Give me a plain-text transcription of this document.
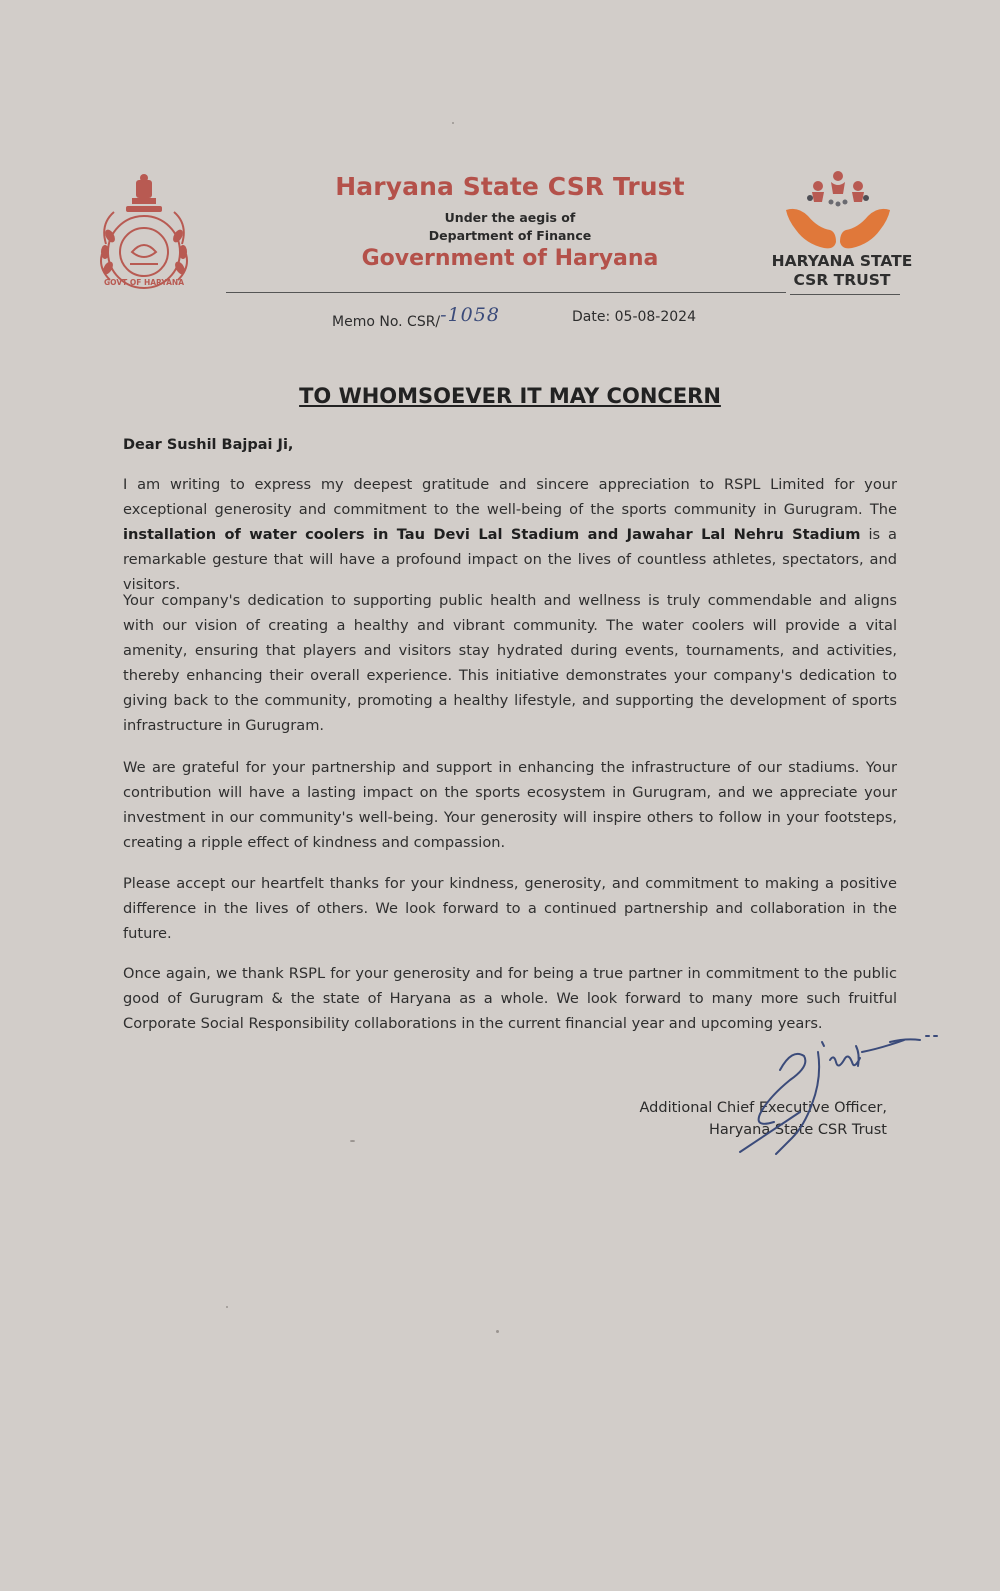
GOVT OF HARYANA
Haryana State CSR Trust
Under the aegis of
Department of Finance
Government of Haryana	HARYANA STATE
CSR TRUST
Memo No. CSR/-1058	Date: 05-08-2024
TO WHOMSOEVER IT MAY CONCERN
Dear Sushil Bajpai Ji,
I am writing to express my deepest gratitude and sincere appreciation to RSPL Limited for your exceptional generosity and commitment to the well-being of the sports community in Gurugram. The installation of water coolers in Tau Devi Lal Stadium and Jawahar Lal Nehru Stadium is a remarkable gesture that will have a profound impact on the lives of countless athletes, spectators, and visitors.
Your company's dedication to supporting public health and wellness is truly commendable and aligns with our vision of creating a healthy and vibrant community. The water coolers will provide a vital amenity, ensuring that players and visitors stay hydrated during events, tournaments, and activities, thereby enhancing their overall experience. This initiative demonstrates your company's dedication to giving back to the community, promoting a healthy lifestyle, and supporting the development of sports infrastructure in Gurugram.
We are grateful for your partnership and support in enhancing the infrastructure of our stadiums. Your contribution will have a lasting impact on the sports ecosystem in Gurugram, and we appreciate your investment in our community's well-being. Your generosity will inspire others to follow in your footsteps, creating a ripple effect of kindness and compassion.
Please accept our heartfelt thanks for your kindness, generosity, and commitment to making a positive difference in the lives of others. We look forward to a continued partnership and collaboration in the future.
Once again, we thank RSPL for your generosity and for being a true partner in commitment to the public good of Gurugram & the state of Haryana as a whole. We look forward to many more such fruitful Corporate Social Responsibility collaborations in the current financial year and upcoming years.
Additional Chief Executive Officer,
Haryana State CSR Trust
